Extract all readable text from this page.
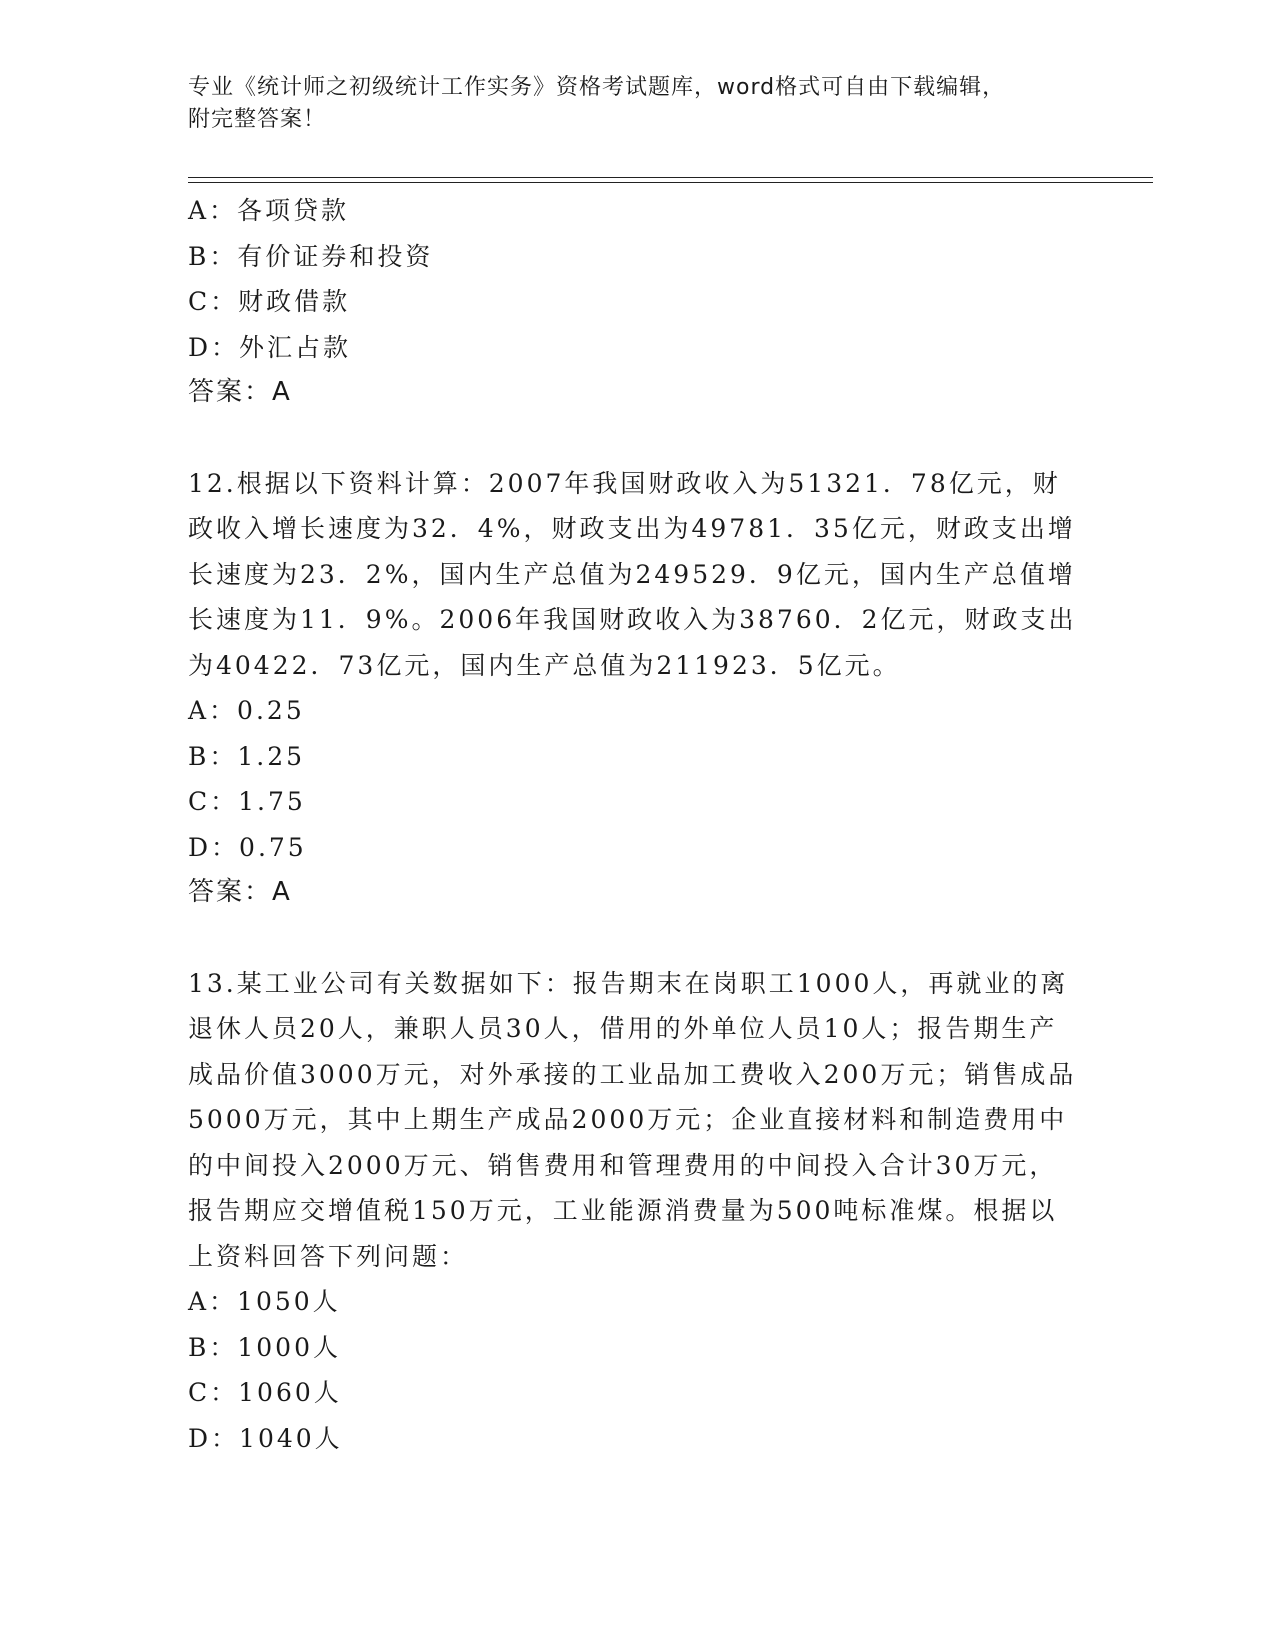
专业《统计师之初级统计工作实务》资格考试题库，word格式可自由下载编辑，
附完整答案！
A：各项贷款
B：有价证券和投资
C：财政借款
D：外汇占款
答案：A
12.根据以下资料计算：2007年我国财政收入为51321．78亿元，财政收入增长速度为32．4%，财政支出为49781．35亿元，财政支出增长速度为23．2%，国内生产总值为249529．9亿元，国内生产总值增长速度为11．9%。2006年我国财政收入为38760．2亿元，财政支出为40422．73亿元，国内生产总值为211923．5亿元。
A：0.25
B：1.25
C：1.75
D：0.75
答案：A
13.某工业公司有关数据如下：报告期末在岗职工1000人，再就业的离退休人员20人，兼职人员30人，借用的外单位人员10人；报告期生产成品价值3000万元，对外承接的工业品加工费收入200万元；销售成品5000万元，其中上期生产成品2000万元；企业直接材料和制造费用中的中间投入2000万元、销售费用和管理费用的中间投入合计30万元，报告期应交增值税150万元，工业能源消费量为500吨标准煤。根据以上资料回答下列问题：
A：1050人
B：1000人
C：1060人
D：1040人
